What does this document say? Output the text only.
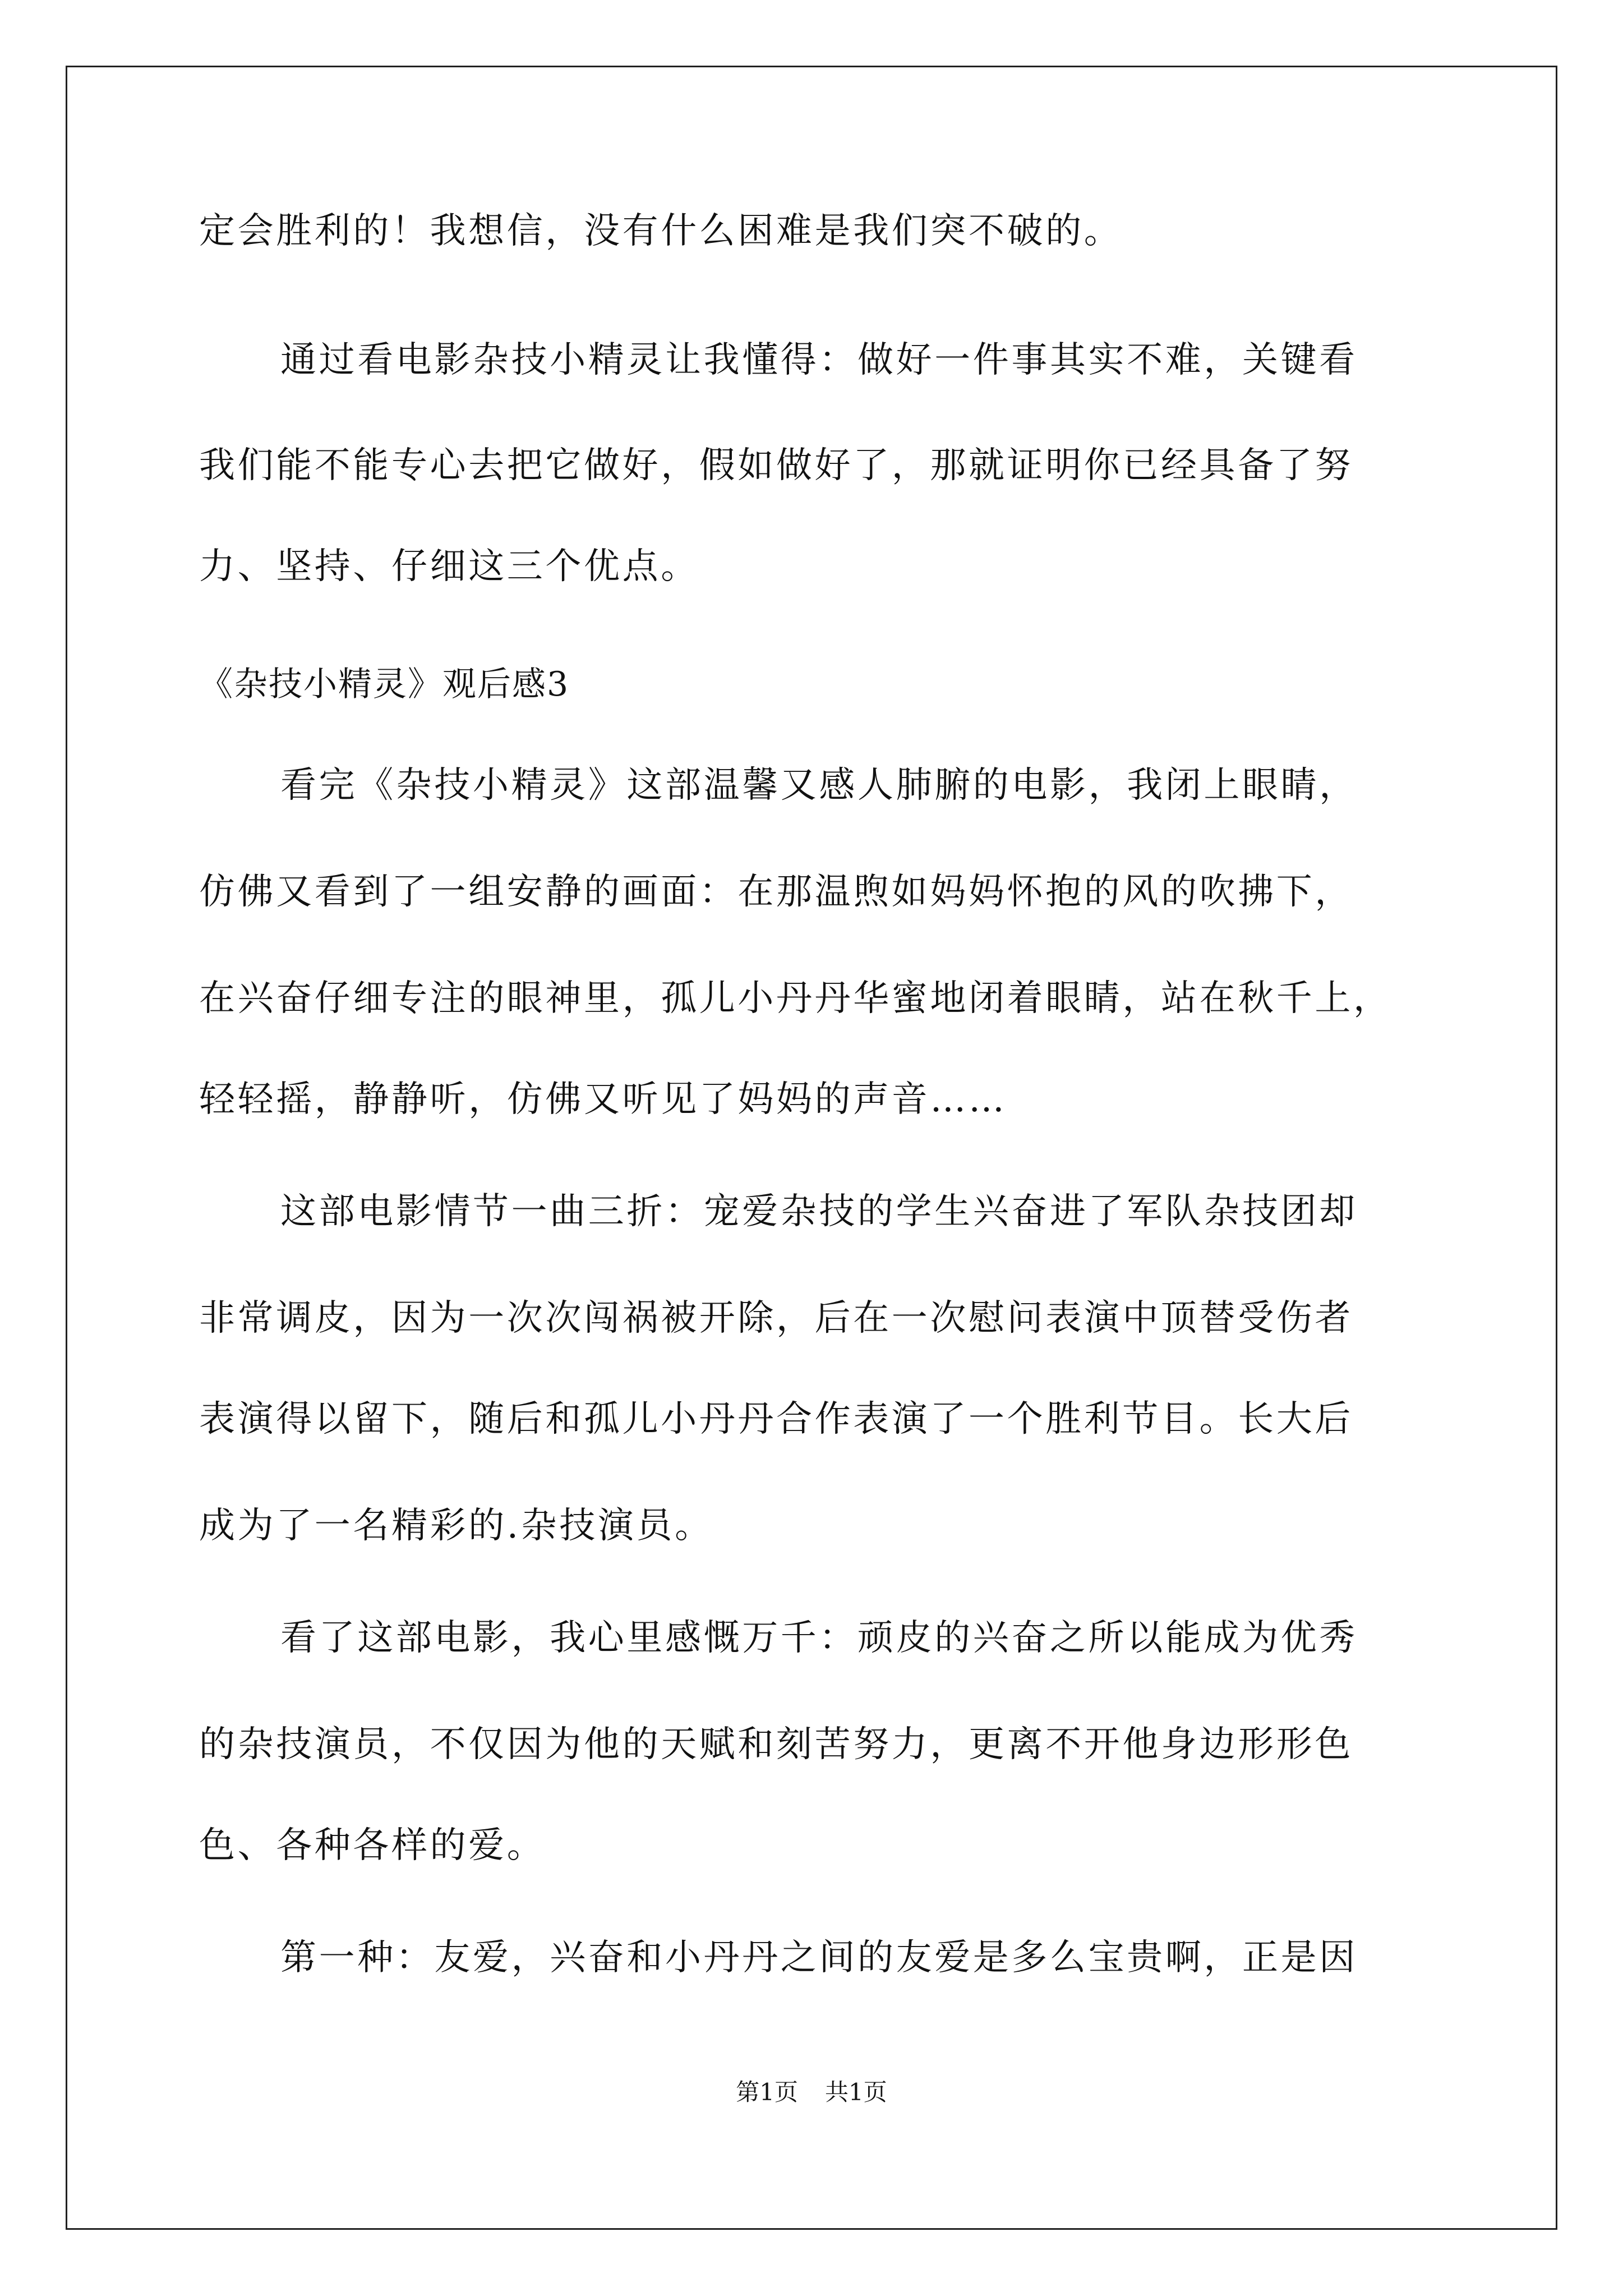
定会胜利的！我想信，没有什么困难是我们突不破的。
通过看电影杂技小精灵让我懂得：做好一件事其实不难，关键看
我们能不能专心去把它做好，假如做好了，那就证明你已经具备了努
力、坚持、仔细这三个优点。
《杂技小精灵》观后感3
看完《杂技小精灵》这部温馨又感人肺腑的电影，我闭上眼睛，
仿佛又看到了一组安静的画面：在那温煦如妈妈怀抱的风的吹拂下，
在兴奋仔细专注的眼神里，孤儿小丹丹华蜜地闭着眼睛，站在秋千上，
轻轻摇，静静听，仿佛又听见了妈妈的声音……
这部电影情节一曲三折：宠爱杂技的学生兴奋进了军队杂技团却
非常调皮，因为一次次闯祸被开除，后在一次慰问表演中顶替受伤者
表演得以留下，随后和孤儿小丹丹合作表演了一个胜利节目。长大后
成为了一名精彩的.杂技演员。
看了这部电影，我心里感慨万千：顽皮的兴奋之所以能成为优秀
的杂技演员，不仅因为他的天赋和刻苦努力，更离不开他身边形形色
色、各种各样的爱。
第一种：友爱，兴奋和小丹丹之间的友爱是多么宝贵啊，正是因
第1页 共1页
